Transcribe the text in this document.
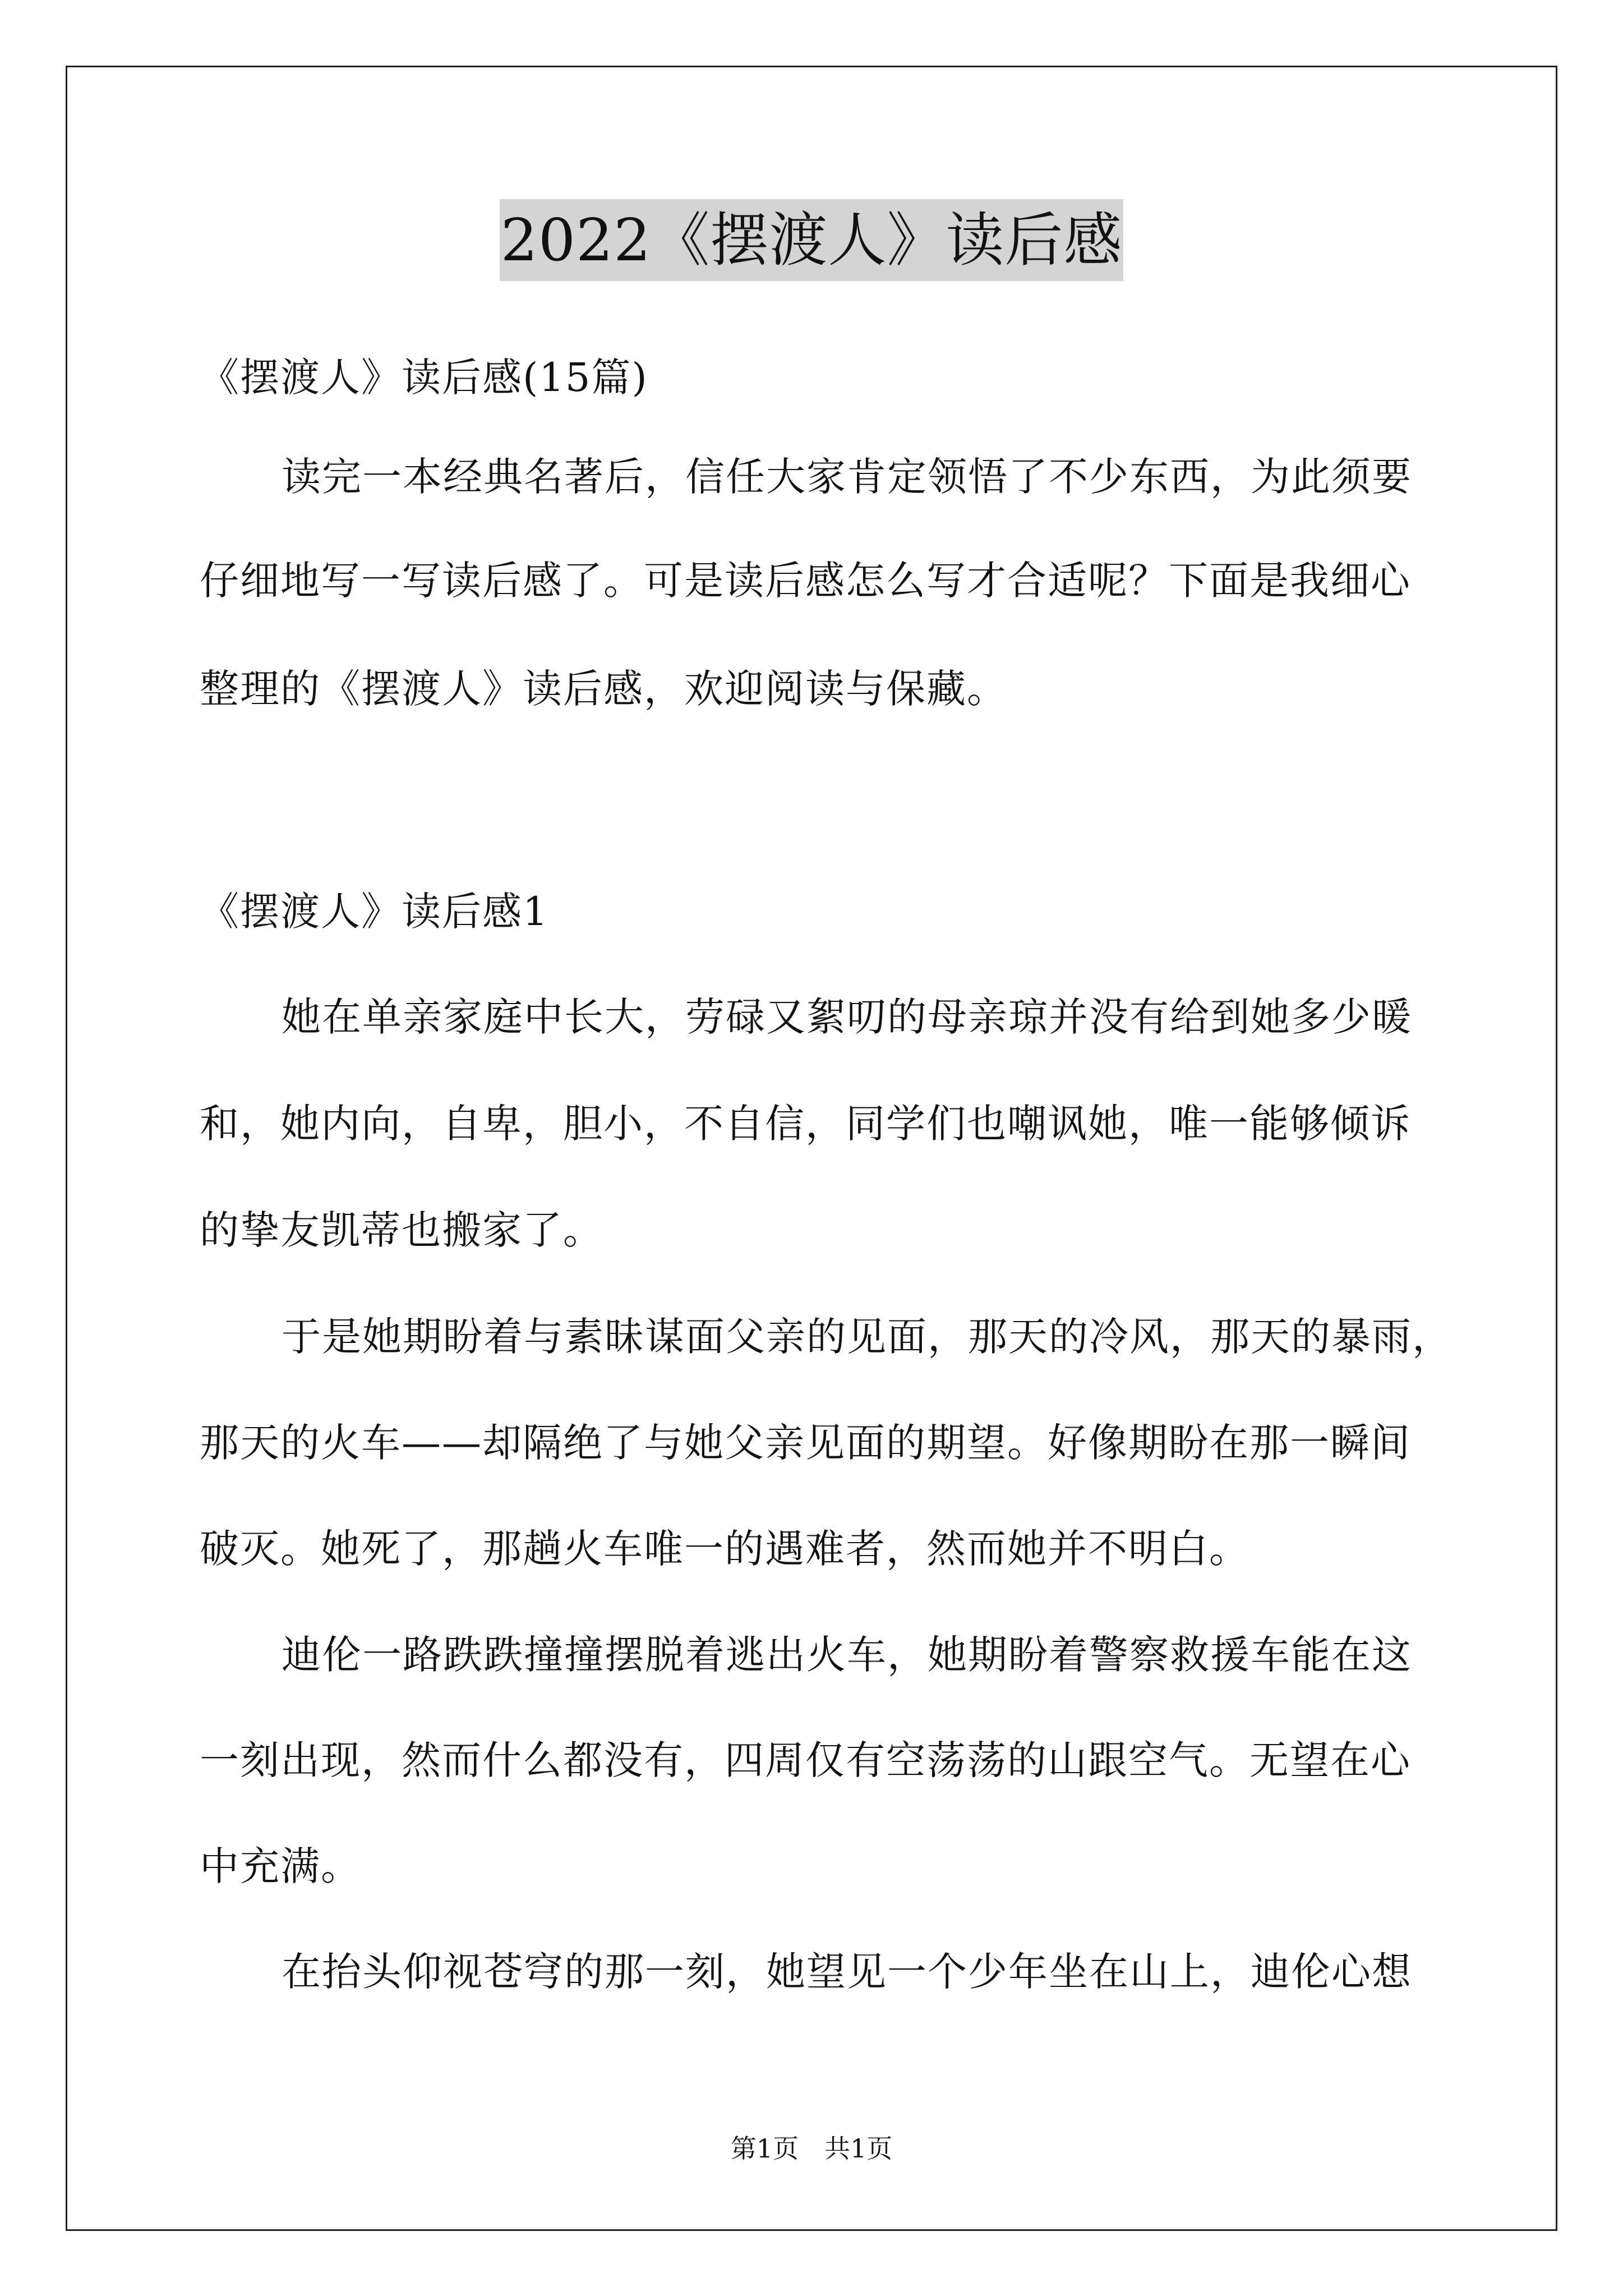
2022《摆渡人》读后感
《摆渡人》读后感(15篇)
读完一本经典名著后，信任大家肯定领悟了不少东西，为此须要
仔细地写一写读后感了。可是读后感怎么写才合适呢？下面是我细心
整理的《摆渡人》读后感，欢迎阅读与保藏。
《摆渡人》读后感1
她在单亲家庭中长大，劳碌又絮叨的母亲琼并没有给到她多少暖
和，她内向，自卑，胆小，不自信，同学们也嘲讽她，唯一能够倾诉
的挚友凯蒂也搬家了。
于是她期盼着与素昧谋面父亲的见面，那天的冷风，那天的暴雨，
那天的火车——却隔绝了与她父亲见面的期望。好像期盼在那一瞬间
破灭。她死了，那趟火车唯一的遇难者，然而她并不明白。
迪伦一路跌跌撞撞摆脱着逃出火车，她期盼着警察救援车能在这
一刻出现，然而什么都没有，四周仅有空荡荡的山跟空气。无望在心
中充满。
在抬头仰视苍穹的那一刻，她望见一个少年坐在山上，迪伦心想
第1页　共1页
